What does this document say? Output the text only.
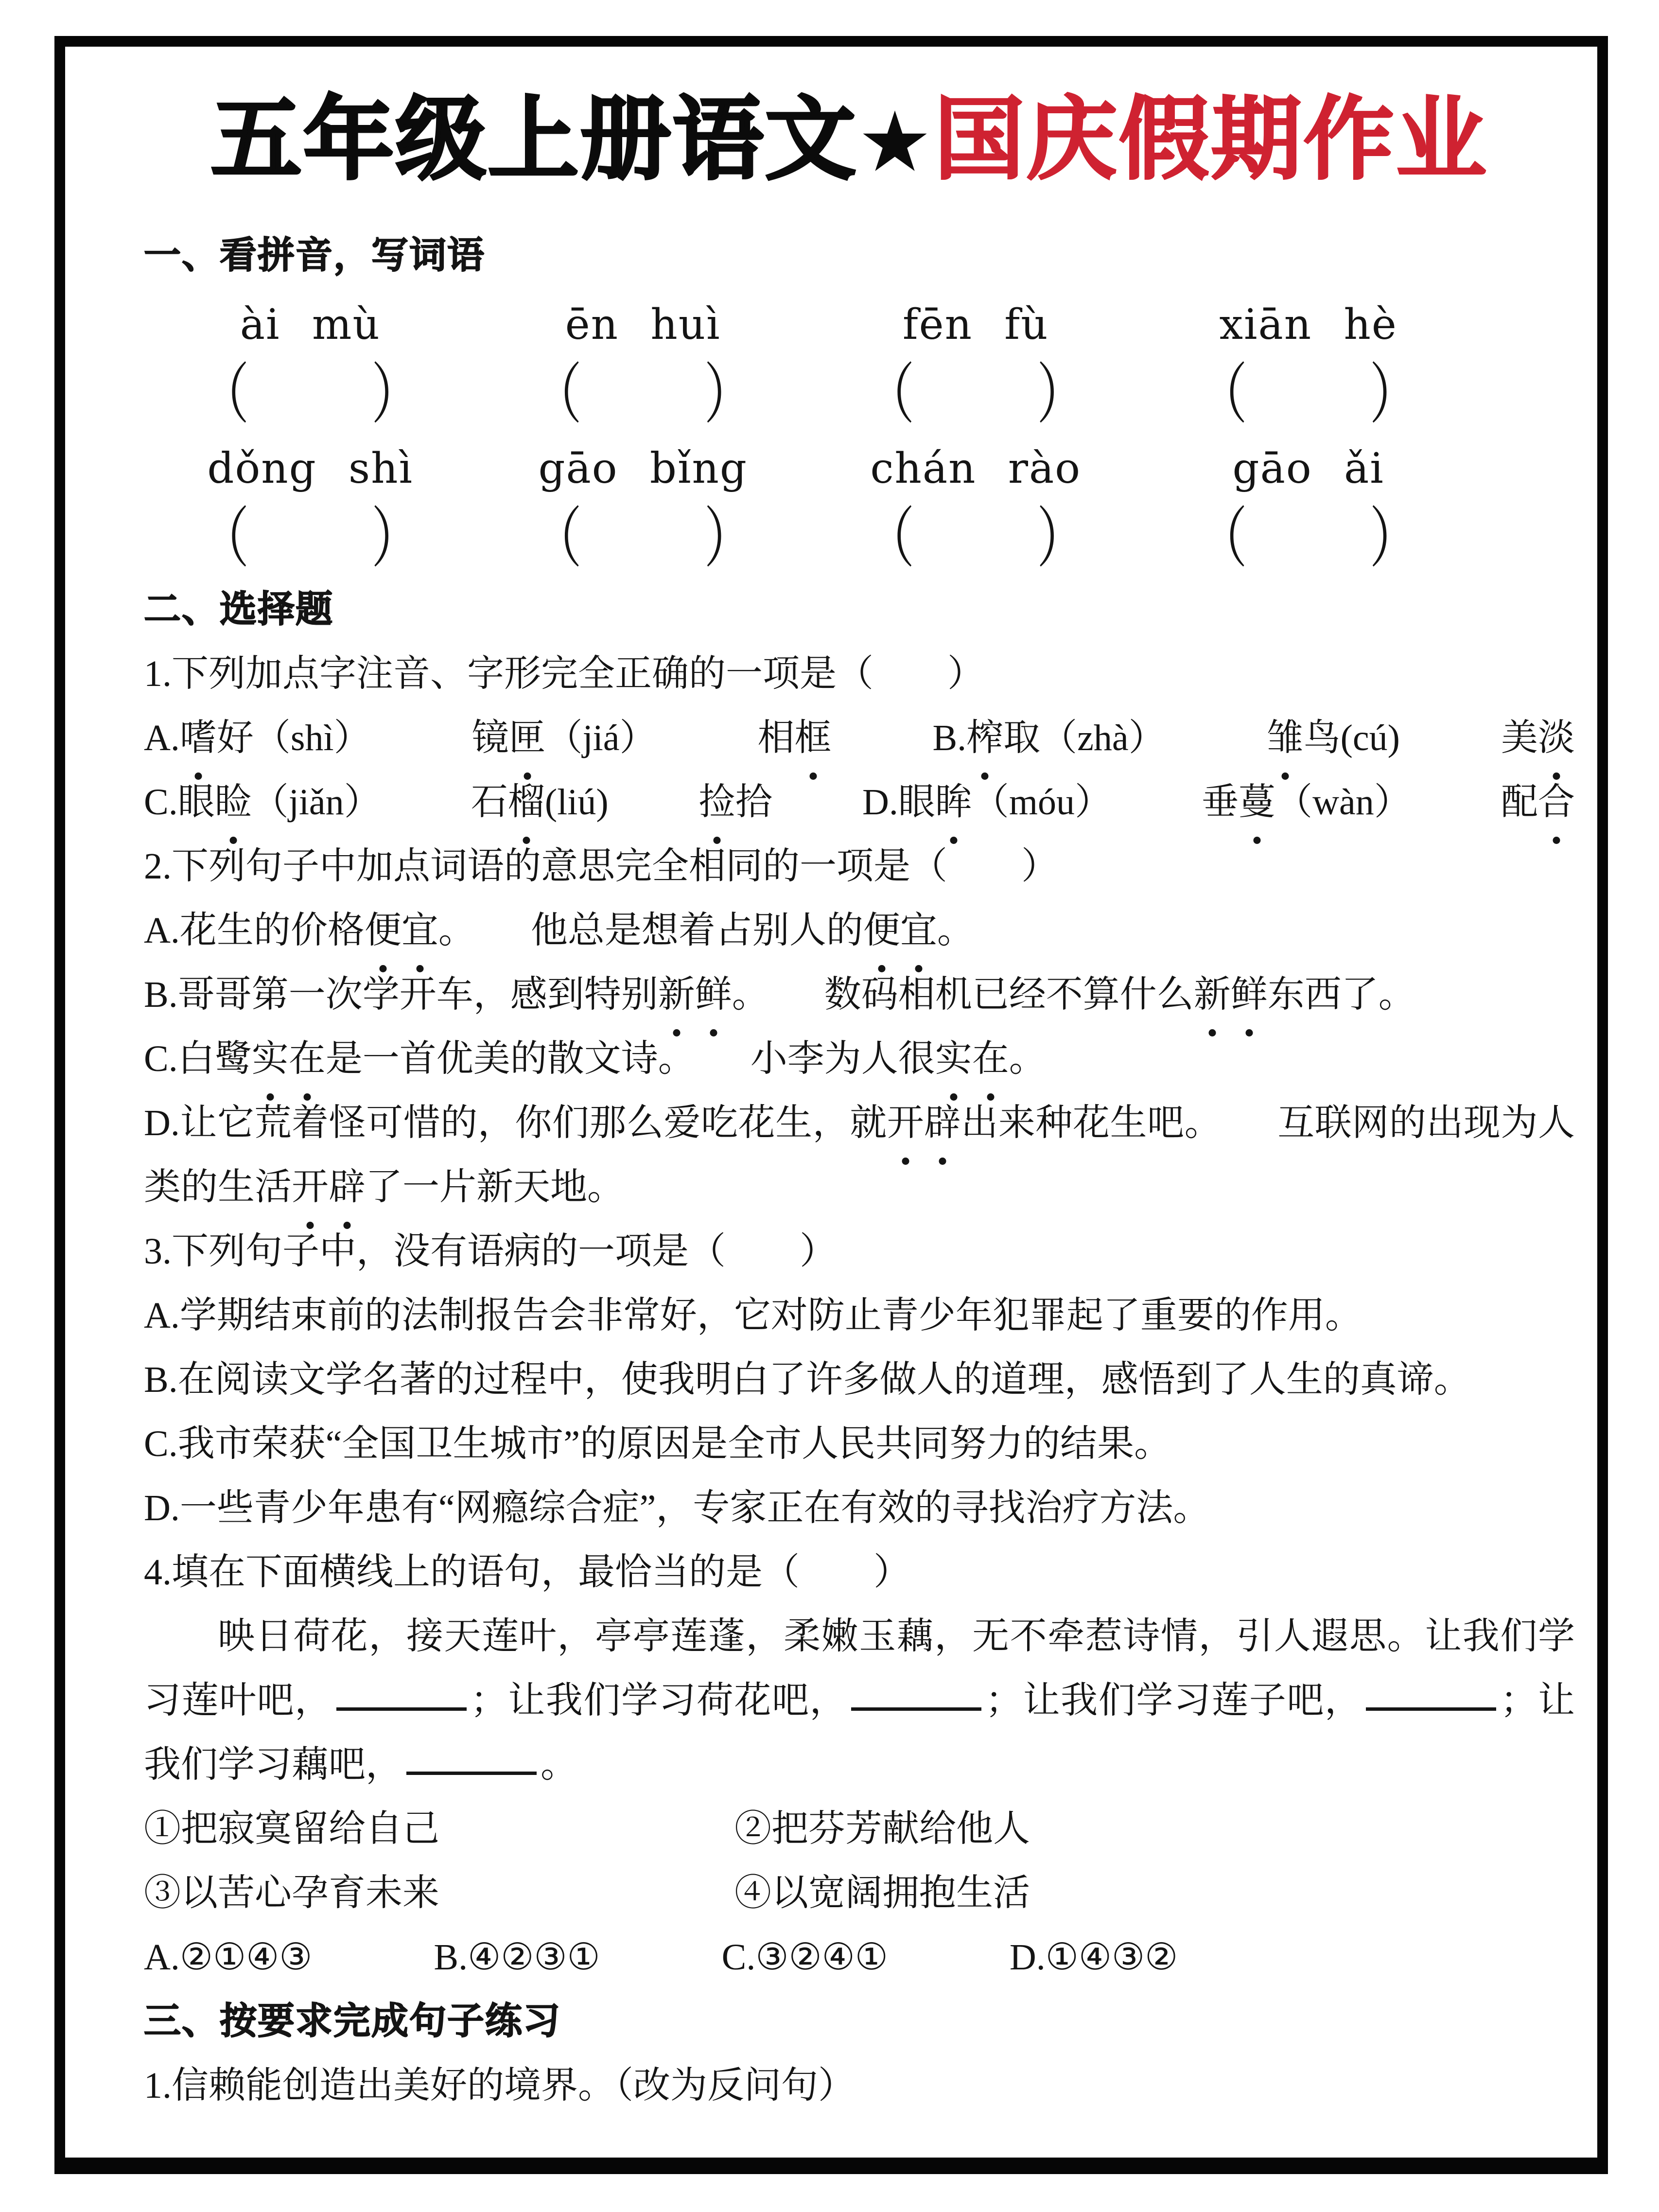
五年级上册语文★国庆假期作业

一、看拼音，写词语

ài mù	ēn huì	fēn fù	xiān hè
（	） （	） （	） （	）
dǒng shì	gāo bǐng	chán rào	gāo ǎi
（	） （	） （	） （	）

二、选择题

1.下列加点字注音、字形完全正确的一项是（　　）

A.嗜好（shì）	镜匣（jiá）	相框	B.榨取（zhà）	雏鸟(cú)	美淡
C.眼睑（jiǎn） 石榴(liú) 捡拾 D.眼眸（móu） 垂蔓（wàn） 配合

2.下列句子中加点词语的意思完全相同的一项是（　　）

A.花生的价格便宜。　　他总是想着占别人的便宜。

B.哥哥第一次学开车，感到特别新鲜。　　数码相机已经不算什么新鲜东西了。

C.白鹭实在是一首优美的散文诗。　　小李为人很实在。

D.让它荒着怪可惜的，你们那么爱吃花生，就开辟出来种花生吧。　　互联网的出现为人类的生活开辟了一片新天地。

3.下列句子中，没有语病的一项是（　　）

A.学期结束前的法制报告会非常好，它对防止青少年犯罪起了重要的作用。

B.在阅读文学名著的过程中，使我明白了许多做人的道理，感悟到了人生的真谛。

C.我市荣获“全国卫生城市”的原因是全市人民共同努力的结果。

D.一些青少年患有“网瘾综合症”，专家正在有效的寻找治疗方法。

4.填在下面横线上的语句，最恰当的是（　　）

映日荷花，接天莲叶，亭亭莲蓬，柔嫩玉藕，无不牵惹诗情，引人遐思。让我们学习莲叶吧，	；让我们学习荷花吧，	；让我们学习莲子吧，	；让我们学习藕吧，	。

①把寂寞留给自己	②把芬芳献给他人
③以苦心孕育未来	④以宽阔拥抱生活
A.②①④③	B.④②③①	C.③②④①	D.①④③②

三、按要求完成句子练习

1.信赖能创造出美好的境界。（改为反问句）
